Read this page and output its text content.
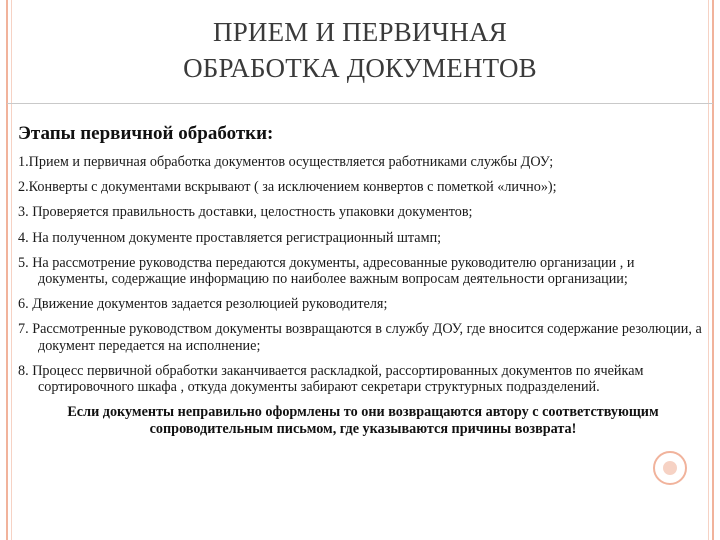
ПРИЕМ И ПЕРВИЧНАЯ ОБРАБОТКА ДОКУМЕНТОВ
Этапы первичной обработки:
1.Прием и первичная обработка документов осуществляется работниками службы ДОУ;
2.Конверты с документами вскрывают ( за исключением конвертов с пометкой «лично»);
3. Проверяется правильность доставки, целостность упаковки документов;
4. На полученном документе проставляется регистрационный штамп;
5. На рассмотрение руководства передаются документы, адресованные руководителю организации , и документы, содержащие информацию по наиболее важным вопросам деятельности организации;
6. Движение документов задается резолюцией руководителя;
7. Рассмотренные руководством документы возвращаются в службу ДОУ, где вносится содержание резолюции, а документ передается на исполнение;
8. Процесс первичной обработки заканчивается раскладкой, рассортированных документов по ячейкам сортировочного шкафа , откуда документы забирают секретари структурных подразделений.
Если документы неправильно оформлены то они возвращаются автору с соответствующим сопроводительным письмом, где указываются причины возврата!
